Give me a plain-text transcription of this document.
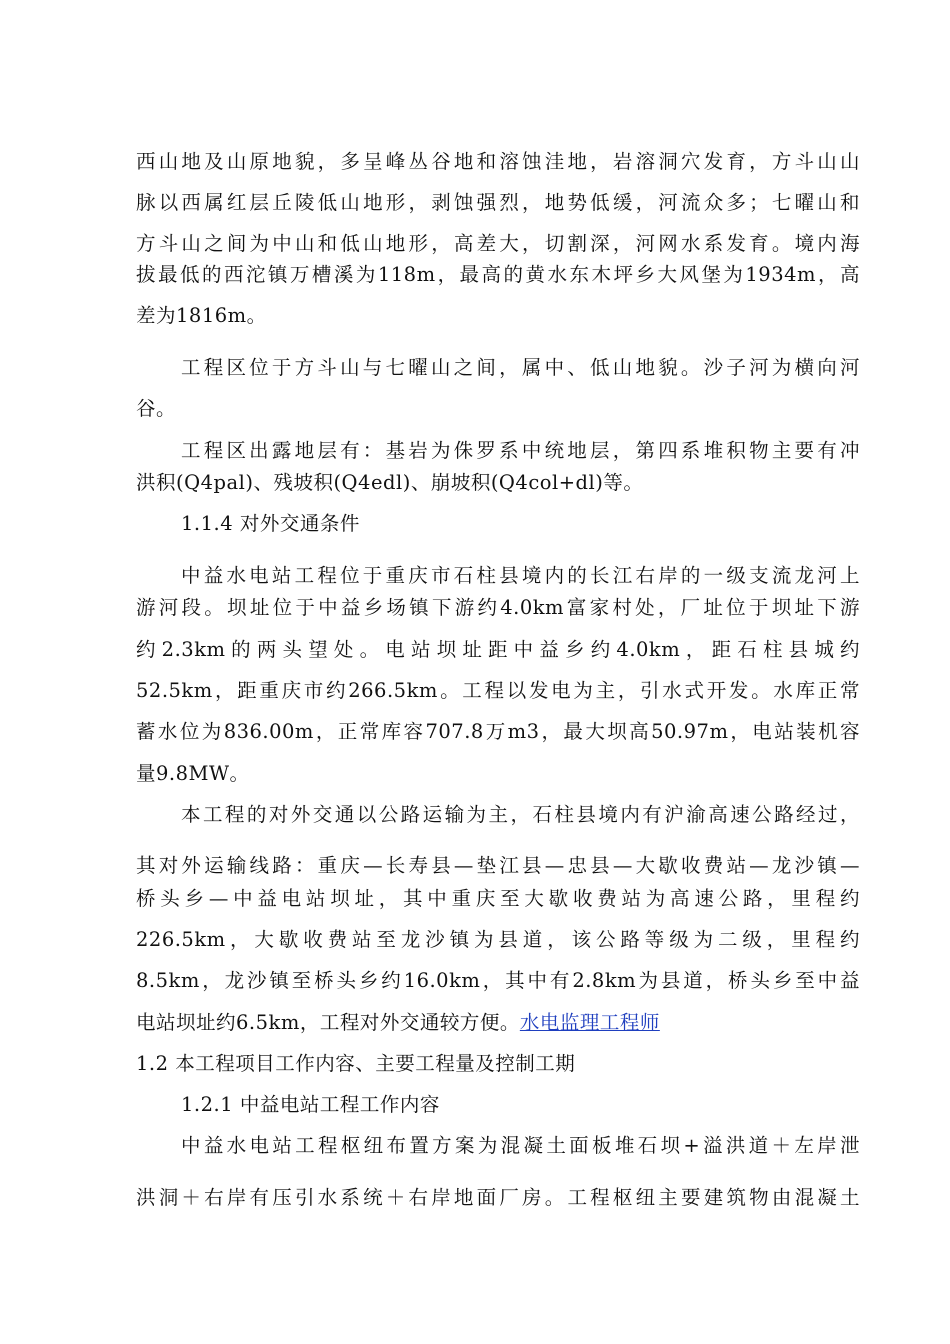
西山地及山原地貌，多呈峰丛谷地和溶蚀洼地，岩溶洞穴发育，方斗山山
脉以西属红层丘陵低山地形，剥蚀强烈，地势低缓，河流众多；七曜山和
方斗山之间为中山和低山地形，高差大，切割深，河网水系发育。境内海
拔最低的西沱镇万槽溪为118m，最高的黄水东木坪乡大风堡为1934m，高
差为1816m。
工程区位于方斗山与七曜山之间，属中、低山地貌。沙子河为横向河
谷。
工程区出露地层有：基岩为侏罗系中统地层，第四系堆积物主要有冲
洪积(Q4pal)、残坡积(Q4edl)、崩坡积(Q4col+dl)等。
1.1.4 对外交通条件
中益水电站工程位于重庆市石柱县境内的长江右岸的一级支流龙河上
游河段。坝址位于中益乡场镇下游约4.0km富家村处，厂址位于坝址下游
约2.3km的两头望处。电站坝址距中益乡约4.0km，距石柱县城约
52.5km，距重庆市约266.5km。工程以发电为主，引水式开发。水库正常
蓄水位为836.00m，正常库容707.8万m3，最大坝高50.97m，电站装机容
量9.8MW。
本工程的对外交通以公路运输为主，石柱县境内有沪渝高速公路经过，
其对外运输线路：重庆—长寿县—垫江县—忠县—大歇收费站—龙沙镇—
桥头乡—中益电站坝址，其中重庆至大歇收费站为高速公路，里程约
226.5km，大歇收费站至龙沙镇为县道，该公路等级为二级，里程约
8.5km，龙沙镇至桥头乡约16.0km，其中有2.8km为县道，桥头乡至中益
电站坝址约6.5km，工程对外交通较方便。水电监理工程师
1.2 本工程项目工作内容、主要工程量及控制工期
1.2.1 中益电站工程工作内容
中益水电站工程枢纽布置方案为混凝土面板堆石坝+溢洪道＋左岸泄
洪洞＋右岸有压引水系统＋右岸地面厂房。工程枢纽主要建筑物由混凝土
